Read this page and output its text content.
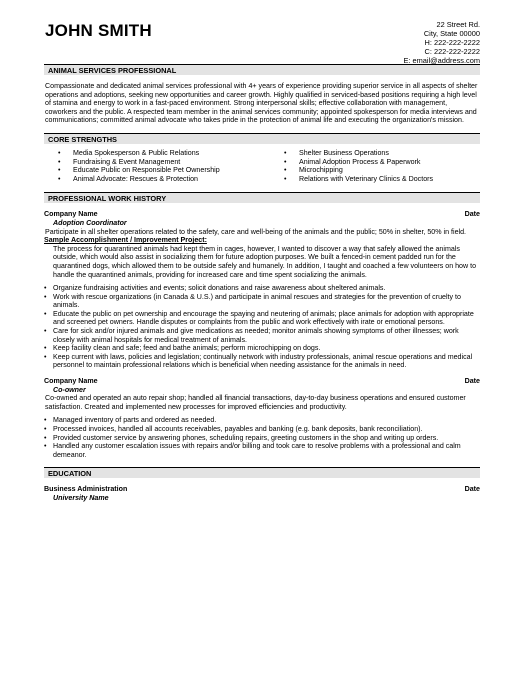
JOHN SMITH	22 Street Rd.
City, State 00000
H: 222-222-2222
C: 222-222-2222
E: email@address.com
ANIMAL SERVICES PROFESSIONAL
Compassionate and dedicated animal services professional with 4+ years of experience providing superior service in all aspects of shelter operations and adoptions, seeking new opportunities and career growth. Highly qualified in serviced-based positions requiring a high level of stamina and energy to work in a fast-paced environment. Strong interpersonal skills; effective collaboration with management, coworkers and the public. A respected team member in the animal services community; appointed spokesperson for media interviews and communications; committed animal advocate who takes pride in the protection of animal life and executing the organization's mission.
CORE STRENGTHS
• Media Spokesperson & Public Relations
• Fundraising & Event Management
• Educate Public on Responsible Pet Ownership
• Animal Advocate: Rescues & Protection
• Shelter Business Operations
• Animal Adoption Process & Paperwork
• Microchipping
• Relations with Veterinary Clinics & Doctors
PROFESSIONAL WORK HISTORY
Company Name	Date
Adoption Coordinator
Participate in all shelter operations related to the safety, care and well-being of the animals and the public; 50% in shelter, 50% in field.
Sample Accomplishment / Improvement Project:
The process for quarantined animals had kept them in cages, however, I wanted to discover a way that safely allowed the animals outside, which would also assist in socializing them for future adoption purposes. We built a fenced-in cement padded run for the quarantined dogs, which allowed them to be outside safely and humanely. In addition, I taught and coached a few volunteers on how to handle the quarantined animals, providing for increased care and time spent socializing the animals.
• Organize fundraising activities and events; solicit donations and raise awareness about sheltered animals.
• Work with rescue organizations (in Canada & U.S.) and participate in animal rescues and strategies for the prevention of cruelty to animals.
• Educate the public on pet ownership and encourage the spaying and neutering of animals; place animals for adoption with appropriate and screened pet owners. Handle disputes or complaints from the public and work effectively with irate or emotional persons.
• Care for sick and/or injured animals and give medications as needed; monitor animals showing symptoms of other illnesses; work closely with animal hospitals for medical treatment of animals.
• Keep facility clean and safe; feed and bathe animals; perform microchipping on dogs.
• Keep current with laws, policies and legislation; continually network with industry professionals, animal rescue operations and medical personnel to maintain professional relations which is beneficial when needing assistance for the animals in need.
Company Name	Date
Co-owner
Co-owned and operated an auto repair shop; handled all financial transactions, day-to-day business operations and ensured customer satisfaction. Created and implemented new processes for improved efficiencies and productivity.
• Managed inventory of parts and ordered as needed.
• Processed invoices, handled all accounts receivables, payables and banking (e.g. bank deposits, bank reconciliation).
• Provided customer service by answering phones, scheduling repairs, greeting customers in the shop and writing up orders.
• Handled any customer escalation issues with repairs and/or billing and took care to resolve problems with a professional and calm demeanor.
EDUCATION
Business Administration	Date
University Name
